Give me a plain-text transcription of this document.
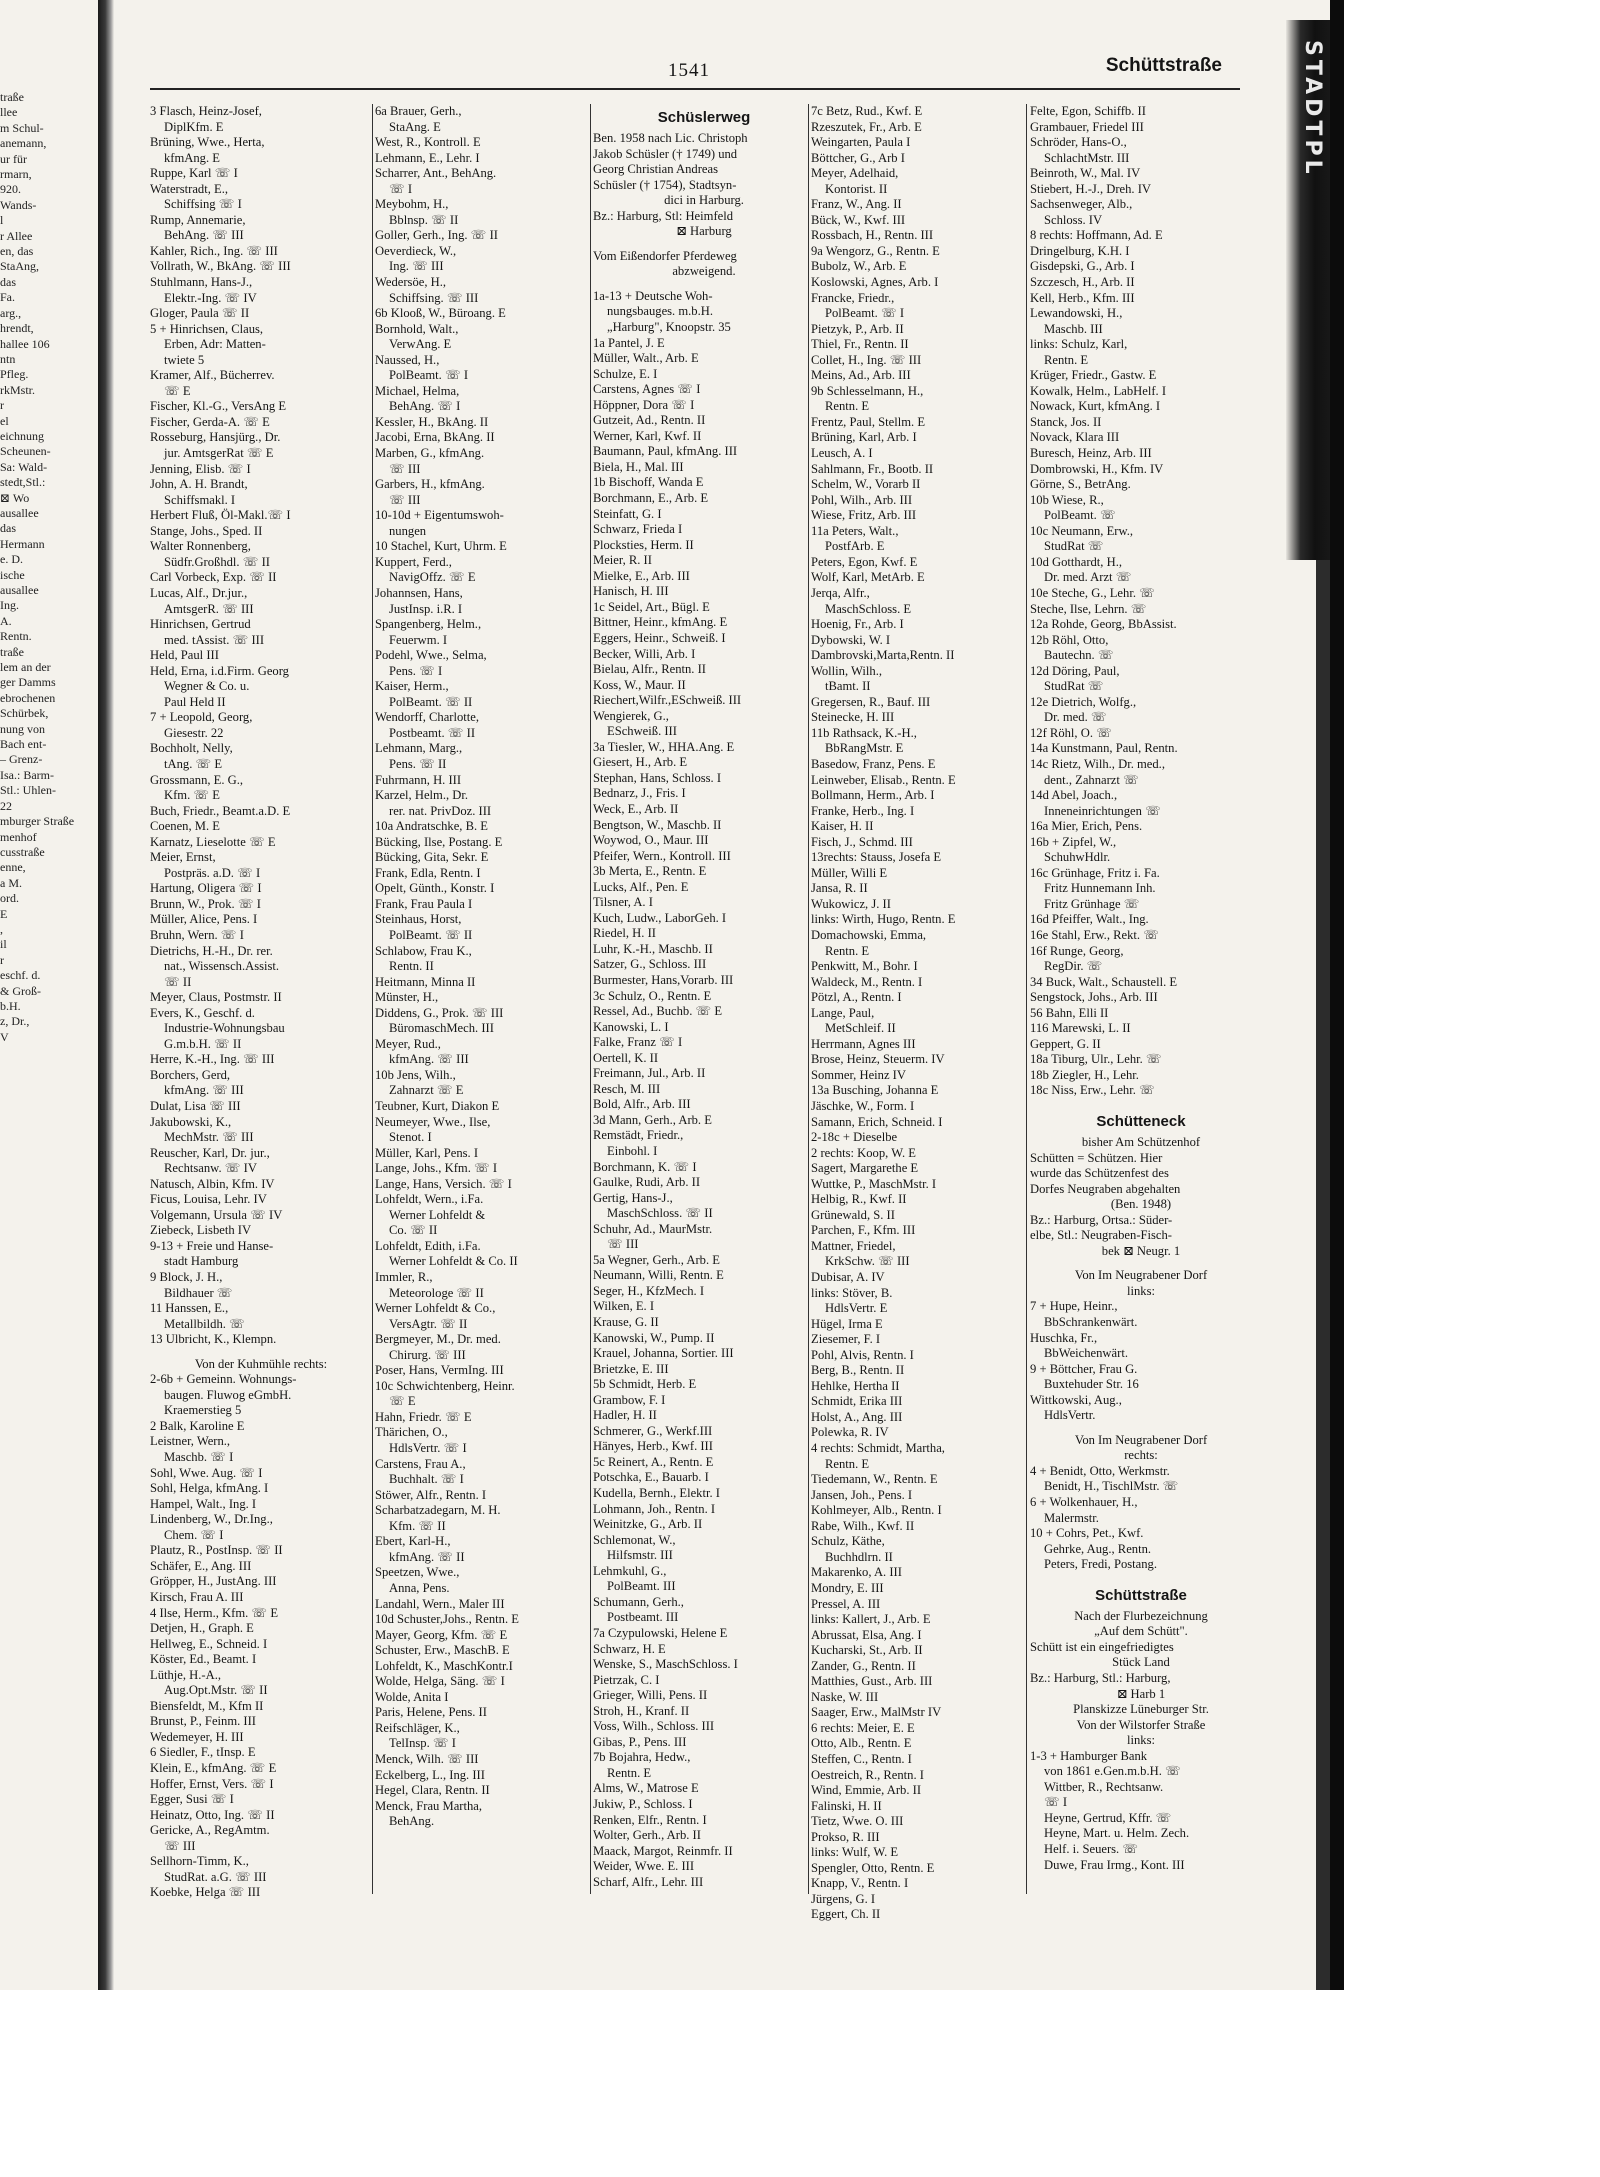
traße
llee
m Schul-
anemann,
ur für
rmarn,
920.
Wands-
l
r Allee
en, das
StaAng,
das
Fa.
arg.,
hrendt,
hallee 106
ntn
Pfleg.
rkMstr.
r
el
eichnung
Scheunen-
Sa: Wald-
stedt,Stl.:
⊠ Wo
ausallee
das
Hermann
e. D.
ische
ausallee
Ing.
A.
Rentn.
traße
lem an der
ger Damms
ebrochenen
Schürbek,
nung von
Bach ent-
– Grenz-
Isa.: Barm-
Stl.: Uhlen-
22
mburger Straße
menhof
cusstraße
enne,
a M.
ord.
E
,
il
r
eschf. d.
& Groß-
b.H.
z, Dr.,
V
1541	Schüttstraße
3 Flasch, Heinz-Josef,
DiplKfm. E
Brüning, Wwe., Herta,
kfmAng. E
Ruppe, Karl ☏ I
Waterstradt, E.,
Schiffsing ☏ I
Rump, Annemarie,
BehAng. ☏ III
Kahler, Rich., Ing. ☏ III
Vollrath, W., BkAng. ☏ III
Stuhlmann, Hans-J.,
Elektr.-Ing. ☏ IV
Gloger, Paula ☏ II
5 + Hinrichsen, Claus,
Erben, Adr: Matten-
twiete 5
Kramer, Alf., Bücherrev.
☏ E
Fischer, Kl.-G., VersAng E
Fischer, Gerda-A. ☏ E
Rosseburg, Hansjürg., Dr.
jur. AmtsgerRat ☏ E
Jenning, Elisb. ☏ I
John, A. H. Brandt,
Schiffsmakl. I
Herbert Fluß, Öl-Makl.☏ I
Stange, Johs., Sped. II
Walter Ronnenberg,
Südfr.Großhdl. ☏ II
Carl Vorbeck, Exp. ☏ II
Lucas, Alf., Dr.jur.,
AmtsgerR. ☏ III
Hinrichsen, Gertrud
med. tAssist. ☏ III
Held, Paul III
Held, Erna, i.d.Firm. Georg
Wegner & Co. u.
Paul Held II
7 + Leopold, Georg,
Giesestr. 22
Bochholt, Nelly,
tAng. ☏ E
Grossmann, E. G.,
Kfm. ☏ E
Buch, Friedr., Beamt.a.D. E
Coenen, M. E
Karnatz, Lieselotte ☏ E
Meier, Ernst,
Postpräs. a.D. ☏ I
Hartung, Oligera ☏ I
Brunn, W., Prok. ☏ I
Müller, Alice, Pens. I
Bruhn, Wern. ☏ I
Dietrichs, H.-H., Dr. rer.
nat., Wissensch.Assist.
☏ II
Meyer, Claus, Postmstr. II
Evers, K., Geschf. d.
Industrie-Wohnungsbau
G.m.b.H. ☏ II
Herre, K.-H., Ing. ☏ III
Borchers, Gerd,
kfmAng. ☏ III
Dulat, Lisa ☏ III
Jakubowski, K.,
MechMstr. ☏ III
Reuscher, Karl, Dr. jur.,
Rechtsanw. ☏ IV
Natusch, Albin, Kfm. IV
Ficus, Louisa, Lehr. IV
Volgemann, Ursula ☏ IV
Ziebeck, Lisbeth IV
9-13 + Freie und Hanse-
stadt Hamburg
9 Block, J. H.,
Bildhauer ☏
11 Hanssen, E.,
Metallbildh. ☏
13 Ulbricht, K., Klempn.
Von der Kuhmühle rechts:
2-6b + Gemeinn. Wohnungs-
baugen. Fluwog eGmbH.
Kraemerstieg 5
2 Balk, Karoline E
Leistner, Wern.,
Maschb. ☏ I
Sohl, Wwe. Aug. ☏ I
Sohl, Helga, kfmAng. I
Hampel, Walt., Ing. I
Lindenberg, W., Dr.Ing.,
Chem. ☏ I
Plautz, R., PostInsp. ☏ II
Schäfer, E., Ang. III
Gröpper, H., JustAng. III
Kirsch, Frau A. III
4 Ilse, Herm., Kfm. ☏ E
Detjen, H., Graph. E
Hellweg, E., Schneid. I
Köster, Ed., Beamt. I
Lüthje, H.-A.,
Aug.Opt.Mstr. ☏ II
Biensfeldt, M., Kfm II
Brunst, P., Feinm. III
Wedemeyer, H. III
6 Siedler, F., tInsp. E
Klein, E., kfmAng. ☏ E
Hoffer, Ernst, Vers. ☏ I
Egger, Susi ☏ I
Heinatz, Otto, Ing. ☏ II
Gericke, A., RegAmtm.
☏ III
Sellhorn-Timm, K.,
StudRat. a.G. ☏ III
Koebke, Helga ☏ III
6a Brauer, Gerh.,
StaAng. E
West, R., Kontroll. E
Lehmann, E., Lehr. I
Scharrer, Ant., BehAng.
☏ I
Meybohm, H.,
Bblnsp. ☏ II
Goller, Gerh., Ing. ☏ II
Oeverdieck, W.,
Ing. ☏ III
Wedersöe, H.,
Schiffsing. ☏ III
6b Klooß, W., Büroang. E
Bornhold, Walt.,
VerwAng. E
Naussed, H.,
PolBeamt. ☏ I
Michael, Helma,
BehAng. ☏ I
Kessler, H., BkAng. II
Jacobi, Erna, BkAng. II
Marben, G., kfmAng.
☏ III
Garbers, H., kfmAng.
☏ III
10-10d + Eigentumswoh-
nungen
10 Stachel, Kurt, Uhrm. E
Kuppert, Ferd.,
NavigOffz. ☏ E
Johannsen, Hans,
JustInsp. i.R. I
Spangenberg, Helm.,
Feuerwm. I
Podehl, Wwe., Selma,
Pens. ☏ I
Kaiser, Herm.,
PolBeamt. ☏ II
Wendorff, Charlotte,
Postbeamt. ☏ II
Lehmann, Marg.,
Pens. ☏ II
Fuhrmann, H. III
Karzel, Helm., Dr.
rer. nat. PrivDoz. III
10a Andratschke, B. E
Bücking, Ilse, Postang. E
Bücking, Gita, Sekr. E
Frank, Edla, Rentn. I
Opelt, Günth., Konstr. I
Frank, Frau Paula I
Steinhaus, Horst,
PolBeamt. ☏ II
Schlabow, Frau K.,
Rentn. II
Heitmann, Minna II
Münster, H.,
Diddens, G., Prok. ☏ III
BüromaschMech. III
Meyer, Rud.,
kfmAng. ☏ III
10b Jens, Wilh.,
Zahnarzt ☏ E
Teubner, Kurt, Diakon E
Neumeyer, Wwe., Ilse,
Stenot. I
Müller, Karl, Pens. I
Lange, Johs., Kfm. ☏ I
Lange, Hans, Versich. ☏ I
Lohfeldt, Wern., i.Fa.
Werner Lohfeldt &
Co. ☏ II
Lohfeldt, Edith, i.Fa.
Werner Lohfeldt & Co. II
Immler, R.,
Meteorologe ☏ II
Werner Lohfeldt & Co.,
VersAgtr. ☏ II
Bergmeyer, M., Dr. med.
Chirurg. ☏ III
Poser, Hans, VermIng. III
10c Schwichtenberg, Heinr.
☏ E
Hahn, Friedr. ☏ E
Thärichen, O.,
HdlsVertr. ☏ I
Carstens, Frau A.,
Buchhalt. ☏ I
Stöwer, Alfr., Rentn. I
Scharbatzadegarn, M. H.
Kfm. ☏ II
Ebert, Karl-H.,
kfmAng. ☏ II
Speetzen, Wwe.,
Anna, Pens.
Landahl, Wern., Maler III
10d Schuster,Johs., Rentn. E
Mayer, Georg, Kfm. ☏ E
Schuster, Erw., MaschB. E
Lohfeldt, K., MaschKontr.I
Wolde, Helga, Säng. ☏ I
Wolde, Anita I
Paris, Helene, Pens. II
Reifschläger, K.,
TelInsp. ☏ I
Menck, Wilh. ☏ III
Eckelberg, L., Ing. III
Hegel, Clara, Rentn. II
Menck, Frau Martha,
BehAng.
Schüslerweg
Ben. 1958 nach Lic. Christoph
Jakob Schüsler († 1749) und
Georg Christian Andreas
Schüsler († 1754), Stadtsyn-
dici in Harburg.
Bz.: Harburg, Stl: Heimfeld
⊠ Harburg
Vom Eißendorfer Pferdeweg
abzweigend.
1a-13 + Deutsche Woh-
nungsbauges. m.b.H.
„Harburg", Knoopstr. 35
1a Pantel, J. E
Müller, Walt., Arb. E
Schulze, E. I
Carstens, Agnes ☏ I
Höppner, Dora ☏ I
Gutzeit, Ad., Rentn. II
Werner, Karl, Kwf. II
Baumann, Paul, kfmAng. III
Biela, H., Mal. III
1b Bischoff, Wanda E
Borchmann, E., Arb. E
Steinfatt, G. I
Schwarz, Frieda I
Plocksties, Herm. II
Meier, R. II
Mielke, E., Arb. III
Hanisch, H. III
1c Seidel, Art., Bügl. E
Bittner, Heinr., kfmAng. E
Eggers, Heinr., Schweiß. I
Becker, Willi, Arb. I
Bielau, Alfr., Rentn. II
Koss, W., Maur. II
Riechert,Wilfr.,ESchweiß. III
Wengierek, G.,
ESchweiß. III
3a Tiesler, W., HHA.Ang. E
Giesert, H., Arb. E
Stephan, Hans, Schloss. I
Bednarz, J., Fris. I
Weck, E., Arb. II
Bengtson, W., Maschb. II
Woywod, O., Maur. III
Pfeifer, Wern., Kontroll. III
3b Merta, E., Rentn. E
Lucks, Alf., Pen. E
Tilsner, A. I
Kuch, Ludw., LaborGeh. I
Riedel, H. II
Luhr, K.-H., Maschb. II
Satzer, G., Schloss. III
Burmester, Hans,Vorarb. III
3c Schulz, O., Rentn. E
Ressel, Ad., Buchb. ☏ E
Kanowski, L. I
Falke, Franz ☏ I
Oertell, K. II
Freimann, Jul., Arb. II
Resch, M. III
Bold, Alfr., Arb. III
3d Mann, Gerh., Arb. E
Remstädt, Friedr.,
Einbohl. I
Borchmann, K. ☏ I
Gaulke, Rudi, Arb. II
Gertig, Hans-J.,
MaschSchloss. ☏ II
Schuhr, Ad., MaurMstr.
☏ III
5a Wegner, Gerh., Arb. E
Neumann, Willi, Rentn. E
Seger, H., KfzMech. I
Wilken, E. I
Krause, G. II
Kanowski, W., Pump. II
Krauel, Johanna, Sortier. III
Brietzke, E. III
5b Schmidt, Herb. E
Grambow, F. I
Hadler, H. II
Schmerer, G., Werkf.III
Hänyes, Herb., Kwf. III
5c Reinert, A., Rentn. E
Potschka, E., Bauarb. I
Kudella, Bernh., Elektr. I
Lohmann, Joh., Rentn. I
Weinitzke, G., Arb. II
Schlemonat, W.,
Hilfsmstr. III
Lehmkuhl, G.,
PolBeamt. III
Schumann, Gerh.,
Postbeamt. III
7a Czypulowski, Helene E
Schwarz, H. E
Wenske, S., MaschSchloss. I
Pietrzak, C. I
Grieger, Willi, Pens. II
Stroh, H., Kranf. II
Voss, Wilh., Schloss. III
Gibas, P., Pens. III
7b Bojahra, Hedw.,
Rentn. E
Alms, W., Matrose E
Jukiw, P., Schloss. I
Renken, Elfr., Rentn. I
Wolter, Gerh., Arb. II
Maack, Margot, Reinmfr. II
Weider, Wwe. E. III
Scharf, Alfr., Lehr. III
7c Betz, Rud., Kwf. E
Rzeszutek, Fr., Arb. E
Weingarten, Paula I
Böttcher, G., Arb I
Meyer, Adelhaid,
Kontorist. II
Franz, W., Ang. II
Bück, W., Kwf. III
Rossbach, H., Rentn. III
9a Wengorz, G., Rentn. E
Bubolz, W., Arb. E
Koslowski, Agnes, Arb. I
Francke, Friedr.,
PolBeamt. ☏ I
Pietzyk, P., Arb. II
Thiel, Fr., Rentn. II
Collet, H., Ing. ☏ III
Meins, Ad., Arb. III
9b Schlesselmann, H.,
Rentn. E
Frentz, Paul, Stellm. E
Brüning, Karl, Arb. I
Leusch, A. I
Sahlmann, Fr., Bootb. II
Schelm, W., Vorarb II
Pohl, Wilh., Arb. III
Wiese, Fritz, Arb. III
11a Peters, Walt.,
PostfArb. E
Peters, Egon, Kwf. E
Wolf, Karl, MetArb. E
Jerqa, Alfr.,
MaschSchloss. E
Hoenig, Fr., Arb. I
Dybowski, W. I
Dambrovski,Marta,Rentn. II
Wollin, Wilh.,
tBamt. II
Gregersen, R., Bauf. III
Steinecke, H. III
11b Rathsack, K.-H.,
BbRangMstr. E
Basedow, Franz, Pens. E
Leinweber, Elisab., Rentn. E
Bollmann, Herm., Arb. I
Franke, Herb., Ing. I
Kaiser, H. II
Fisch, J., Schmd. III
13rechts: Stauss, Josefa E
Müller, Willi E
Jansa, R. II
Wukowicz, J. II
links: Wirth, Hugo, Rentn. E
Domachowski, Emma,
Rentn. E
Penkwitt, M., Bohr. I
Waldeck, M., Rentn. I
Pötzl, A., Rentn. I
Lange, Paul,
MetSchleif. II
Herrmann, Agnes III
Brose, Heinz, Steuerm. IV
Sommer, Heinz IV
13a Busching, Johanna E
Jäschke, W., Form. I
Samann, Erich, Schneid. I
2-18c + Dieselbe
2 rechts: Koop, W. E
Sagert, Margarethe E
Wuttke, P., MaschMstr. I
Helbig, R., Kwf. II
Grünewald, S. II
Parchen, F., Kfm. III
Mattner, Friedel,
KrkSchw. ☏ III
Dubisar, A. IV
links: Stöver, B.
HdlsVertr. E
Hügel, Irma E
Ziesemer, F. I
Pohl, Alvis, Rentn. I
Berg, B., Rentn. II
Hehlke, Hertha II
Schmidt, Erika III
Holst, A., Ang. III
Polewka, R. IV
4 rechts: Schmidt, Martha,
Rentn. E
Tiedemann, W., Rentn. E
Jansen, Joh., Pens. I
Kohlmeyer, Alb., Rentn. I
Rabe, Wilh., Kwf. II
Schulz, Käthe,
Buchhdlrn. II
Makarenko, A. III
Mondry, E. III
Pressel, A. III
links: Kallert, J., Arb. E
Abrussat, Elsa, Ang. I
Kucharski, St., Arb. II
Zander, G., Rentn. II
Matthies, Gust., Arb. III
Naske, W. III
Saager, Erw., MalMstr IV
6 rechts: Meier, E. E
Otto, Alb., Rentn. E
Steffen, C., Rentn. I
Oestreich, R., Rentn. I
Wind, Emmie, Arb. II
Falinski, H. II
Tietz, Wwe. O. III
Prokso, R. III
links: Wulf, W. E
Spengler, Otto, Rentn. E
Knapp, V., Rentn. I
Jürgens, G. I
Eggert, Ch. II
Felte, Egon, Schiffb. II
Grambauer, Friedel III
Schröder, Hans-O.,
SchlachtMstr. III
Beinroth, W., Mal. IV
Stiebert, H.-J., Dreh. IV
Sachsenweger, Alb.,
Schloss. IV
8 rechts: Hoffmann, Ad. E
Dringelburg, K.H. I
Gisdepski, G., Arb. I
Szczesch, H., Arb. II
Kell, Herb., Kfm. III
Lewandowski, H.,
Maschb. III
links: Schulz, Karl,
Rentn. E
Krüger, Friedr., Gastw. E
Kowalk, Helm., LabHelf. I
Nowack, Kurt, kfmAng. I
Stanck, Jos. II
Novack, Klara III
Buresch, Heinz, Arb. III
Dombrowski, H., Kfm. IV
Görne, S., BetrAng.
10b Wiese, R.,
PolBeamt. ☏
10c Neumann, Erw.,
StudRat ☏
10d Gotthardt, H.,
Dr. med. Arzt ☏
10e Steche, G., Lehr. ☏
Steche, Ilse, Lehrn. ☏
12a Rohde, Georg, BbAssist.
12b Röhl, Otto,
Bautechn. ☏
12d Döring, Paul,
StudRat ☏
12e Dietrich, Wolfg.,
Dr. med. ☏
12f Röhl, O. ☏
14a Kunstmann, Paul, Rentn.
14c Rietz, Wilh., Dr. med.,
dent., Zahnarzt ☏
14d Abel, Joach.,
Inneneinrichtungen ☏
16a Mier, Erich, Pens.
16b + Zipfel, W.,
SchuhwHdlr.
16c Grünhage, Fritz i. Fa.
Fritz Hunnemann Inh.
Fritz Grünhage ☏
16d Pfeiffer, Walt., Ing.
16e Stahl, Erw., Rekt. ☏
16f Runge, Georg,
RegDir. ☏
34 Buck, Walt., Schaustell. E
Sengstock, Johs., Arb. III
56 Bahn, Elli II
116 Marewski, L. II
Geppert, G. II
18a Tiburg, Ulr., Lehr. ☏
18b Ziegler, H., Lehr.
18c Niss, Erw., Lehr. ☏
Schütteneck
bisher Am Schützenhof
Schütten = Schützen. Hier
wurde das Schützenfest des
Dorfes Neugraben abgehalten
(Ben. 1948)
Bz.: Harburg, Ortsa.: Süder-
elbe, Stl.: Neugraben-Fisch-
bek ⊠ Neugr. 1
Von Im Neugrabener Dorf
links:
7 + Hupe, Heinr.,
BbSchrankenwärt.
Huschka, Fr.,
BbWeichenwärt.
9 + Böttcher, Frau G.
Buxtehuder Str. 16
Wittkowski, Aug.,
HdlsVertr.
Von Im Neugrabener Dorf
rechts:
4 + Benidt, Otto, Werkmstr.
Benidt, H., TischlMstr. ☏
6 + Wolkenhauer, H.,
Malermstr.
10 + Cohrs, Pet., Kwf.
Gehrke, Aug., Rentn.
Peters, Fredi, Postang.
Schüttstraße
Nach der Flurbezeichnung
„Auf dem Schütt".
Schütt ist ein eingefriedigtes
Stück Land
Bz.: Harburg, Stl.: Harburg,
⊠ Harb 1
Planskizze Lüneburger Str.
Von der Wilstorfer Straße
links:
1-3 + Hamburger Bank
von 1861 e.Gen.m.b.H. ☏
Wittber, R., Rechtsanw.
☏ I
Heyne, Gertrud, Kffr. ☏
Heyne, Mart. u. Helm. Zech.
Helf. i. Seuers. ☏
Duwe, Frau Irmg., Kont. III
STADTPL
